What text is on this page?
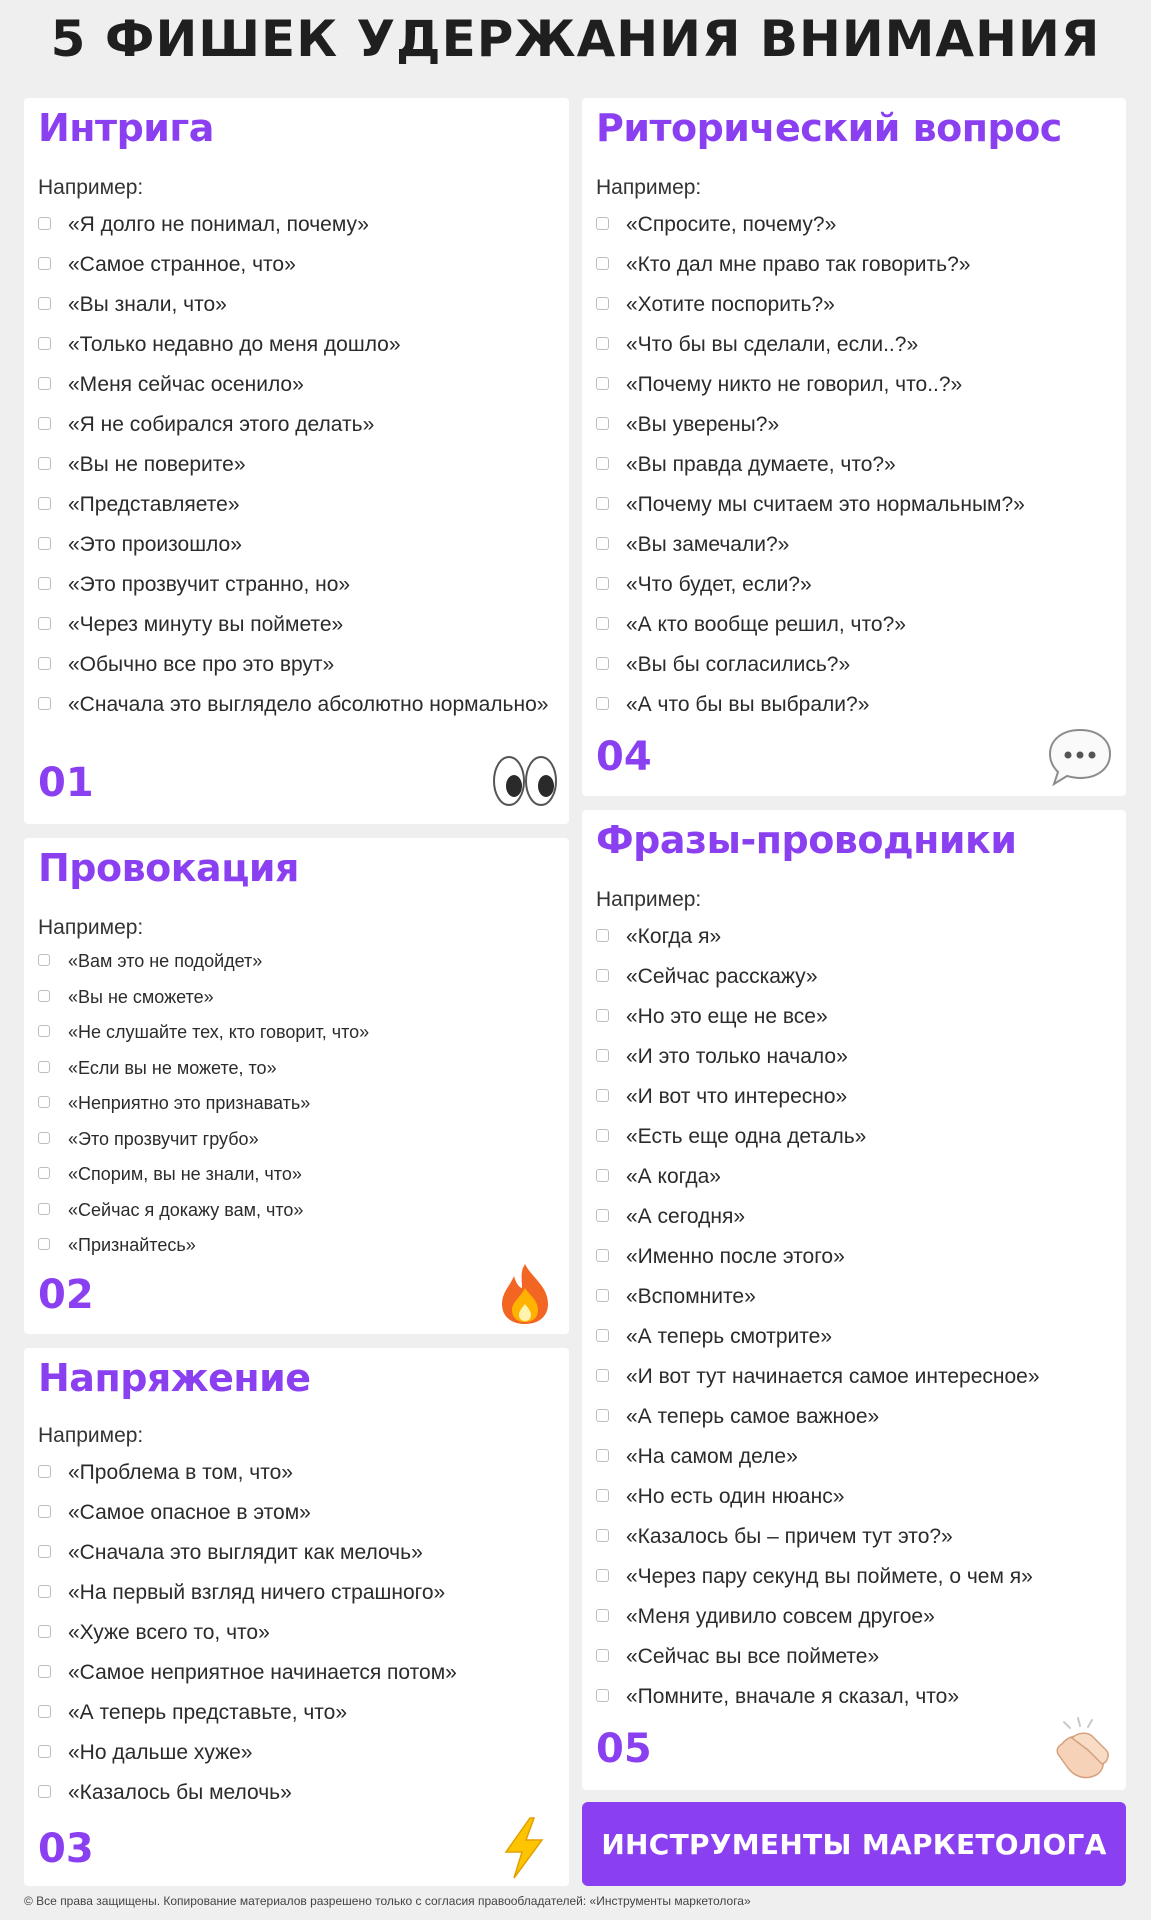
5 ФИШЕК УДЕРЖАНИЯ ВНИМАНИЯ
Интрига
Например:
«Я долго не понимал, почему»
«Самое странное, что»
«Вы знали, что»
«Только недавно до меня дошло»
«Меня сейчас осенило»
«Я не собирался этого делать»
«Вы не поверите»
«Представляете»
«Это произошло»
«Это прозвучит странно, но»
«Через минуту вы поймете»
«Обычно все про это врут»
«Сначала это выглядело абсолютно нормально»
01
Провокация
Например:
«Вам это не подойдет»
«Вы не сможете»
«Не слушайте тех, кто говорит, что»
«Если вы не можете, то»
«Неприятно это признавать»
«Это прозвучит грубо»
«Спорим, вы не знали, что»
«Сейчас я докажу вам, что»
«Признайтесь»
02
Напряжение
Например:
«Проблема в том, что»
«Самое опасное в этом»
«Сначала это выглядит как мелочь»
«На первый взгляд ничего страшного»
«Хуже всего то, что»
«Самое неприятное начинается потом»
«А теперь представьте, что»
«Но дальше хуже»
«Казалось бы мелочь»
03
Риторический вопрос
Например:
«Спросите, почему?»
«Кто дал мне право так говорить?»
«Хотите поспорить?»
«Что бы вы сделали, если..?»
«Почему никто не говорил, что..?»
«Вы уверены?»
«Вы правда думаете, что?»
«Почему мы считаем это нормальным?»
«Вы замечали?»
«Что будет, если?»
«А кто вообще решил, что?»
«Вы бы согласились?»
«А что бы вы выбрали?»
04
Фразы-проводники
Например:
«Когда я»
«Сейчас расскажу»
«Но это еще не все»
«И это только начало»
«И вот что интересно»
«Есть еще одна деталь»
«А когда»
«А сегодня»
«Именно после этого»
«Вспомните»
«А теперь смотрите»
«И вот тут начинается самое интересное»
«А теперь самое важное»
«На самом деле»
«Но есть один нюанс»
«Казалось бы – причем тут это?»
«Через пару секунд вы поймете, о чем я»
«Меня удивило совсем другое»
«Сейчас вы все поймете»
«Помните, вначале я сказал, что»
05
ИНСТРУМЕНТЫ МАРКЕТОЛОГА
© Все права защищены. Копирование материалов разрешено только с согласия правообладателей: «Инструменты маркетолога»
